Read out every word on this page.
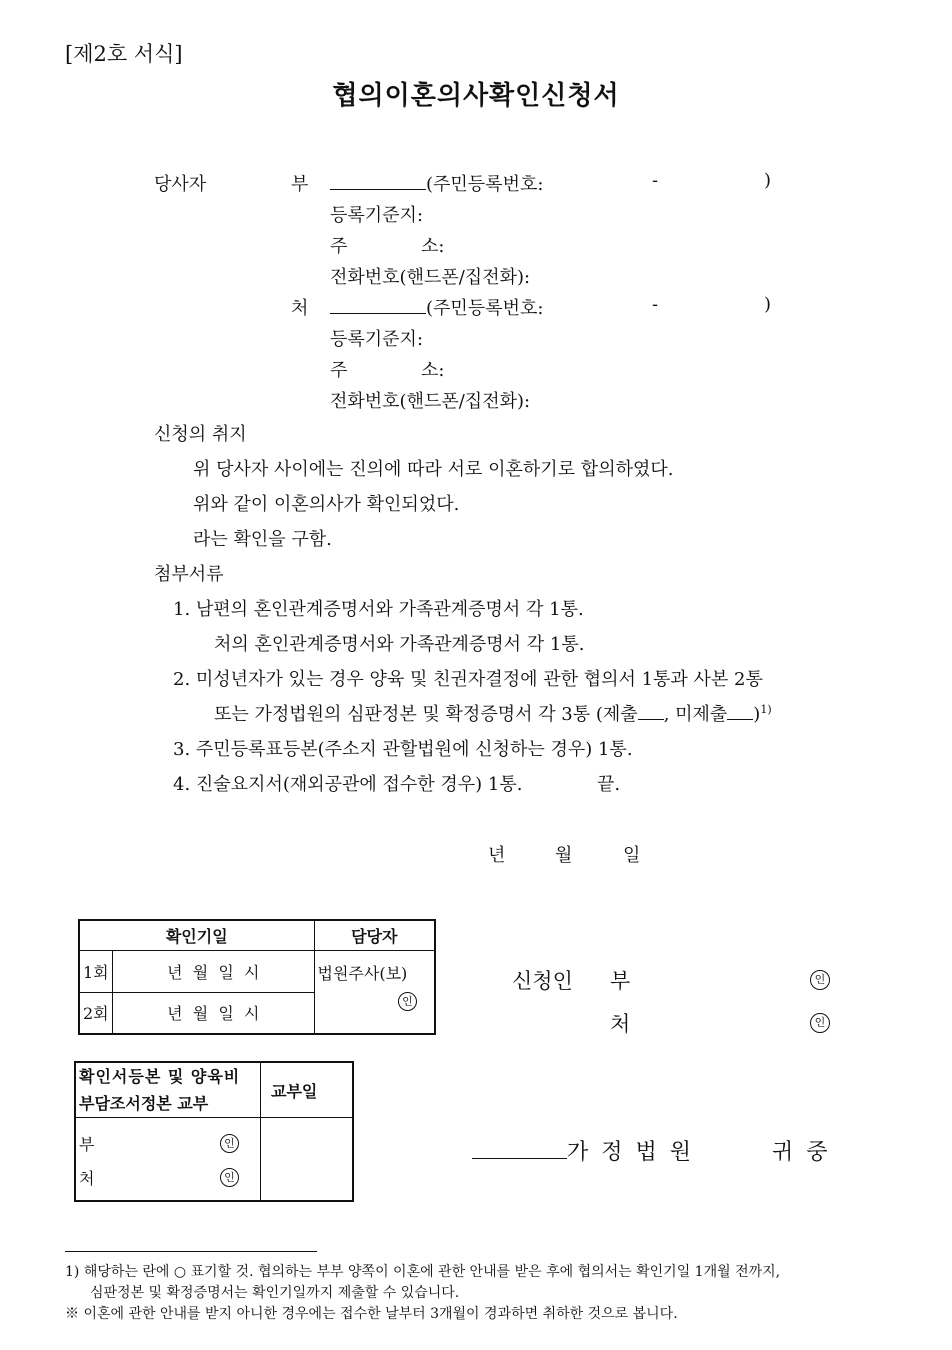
[제2호 서식]
협의이혼의사확인신청서
당사자	부	(주민등록번호:	-	)
등록기준지:
주	소:
전화번호(핸드폰/집전화):
처	(주민등록번호:	-	)
등록기준지:
주	소:
전화번호(핸드폰/집전화):
신청의 취지
위 당사자 사이에는 진의에 따라 서로 이혼하기로 합의하였다.
위와 같이 이혼의사가 확인되었다.
라는 확인을 구함.
첨부서류
1. 남편의 혼인관계증명서와 가족관계증명서 각 1통.
처의 혼인관계증명서와 가족관계증명서 각 1통.
2. 미성년자가 있는 경우 양육 및 친권자결정에 관한 협의서 1통과 사본 2통
또는 가정법원의 심판정본 및 확정증명서 각 3통 (제출 , 미제출 )$^{1)}$
3. 주민등록표등본(주소지 관할법원에 신청하는 경우) 1통.
4. 진술요지서(재외공관에 접수한 경우) 1통.	끝.
년	월	일
확인기일		담당자
1회	년  월  일  시	법원주사(보)
인

2회	년  월  일  시	
확인서등본 및 양육비
부담조서정본 교부	교부일

부 인
처 인	

신청인 부	인
처	인
가 정 법 원	귀 중
1) 해당하는 란에 ○ 표기할 것. 협의하는 부부 양쪽이 이혼에 관한 안내를 받은 후에 협의서는 확인기일 1개월 전까지,
심판정본 및 확정증명서는 확인기일까지 제출할 수 있습니다.
※ 이혼에 관한 안내를 받지 아니한 경우에는 접수한 날부터 3개월이 경과하면 취하한 것으로 봅니다.
